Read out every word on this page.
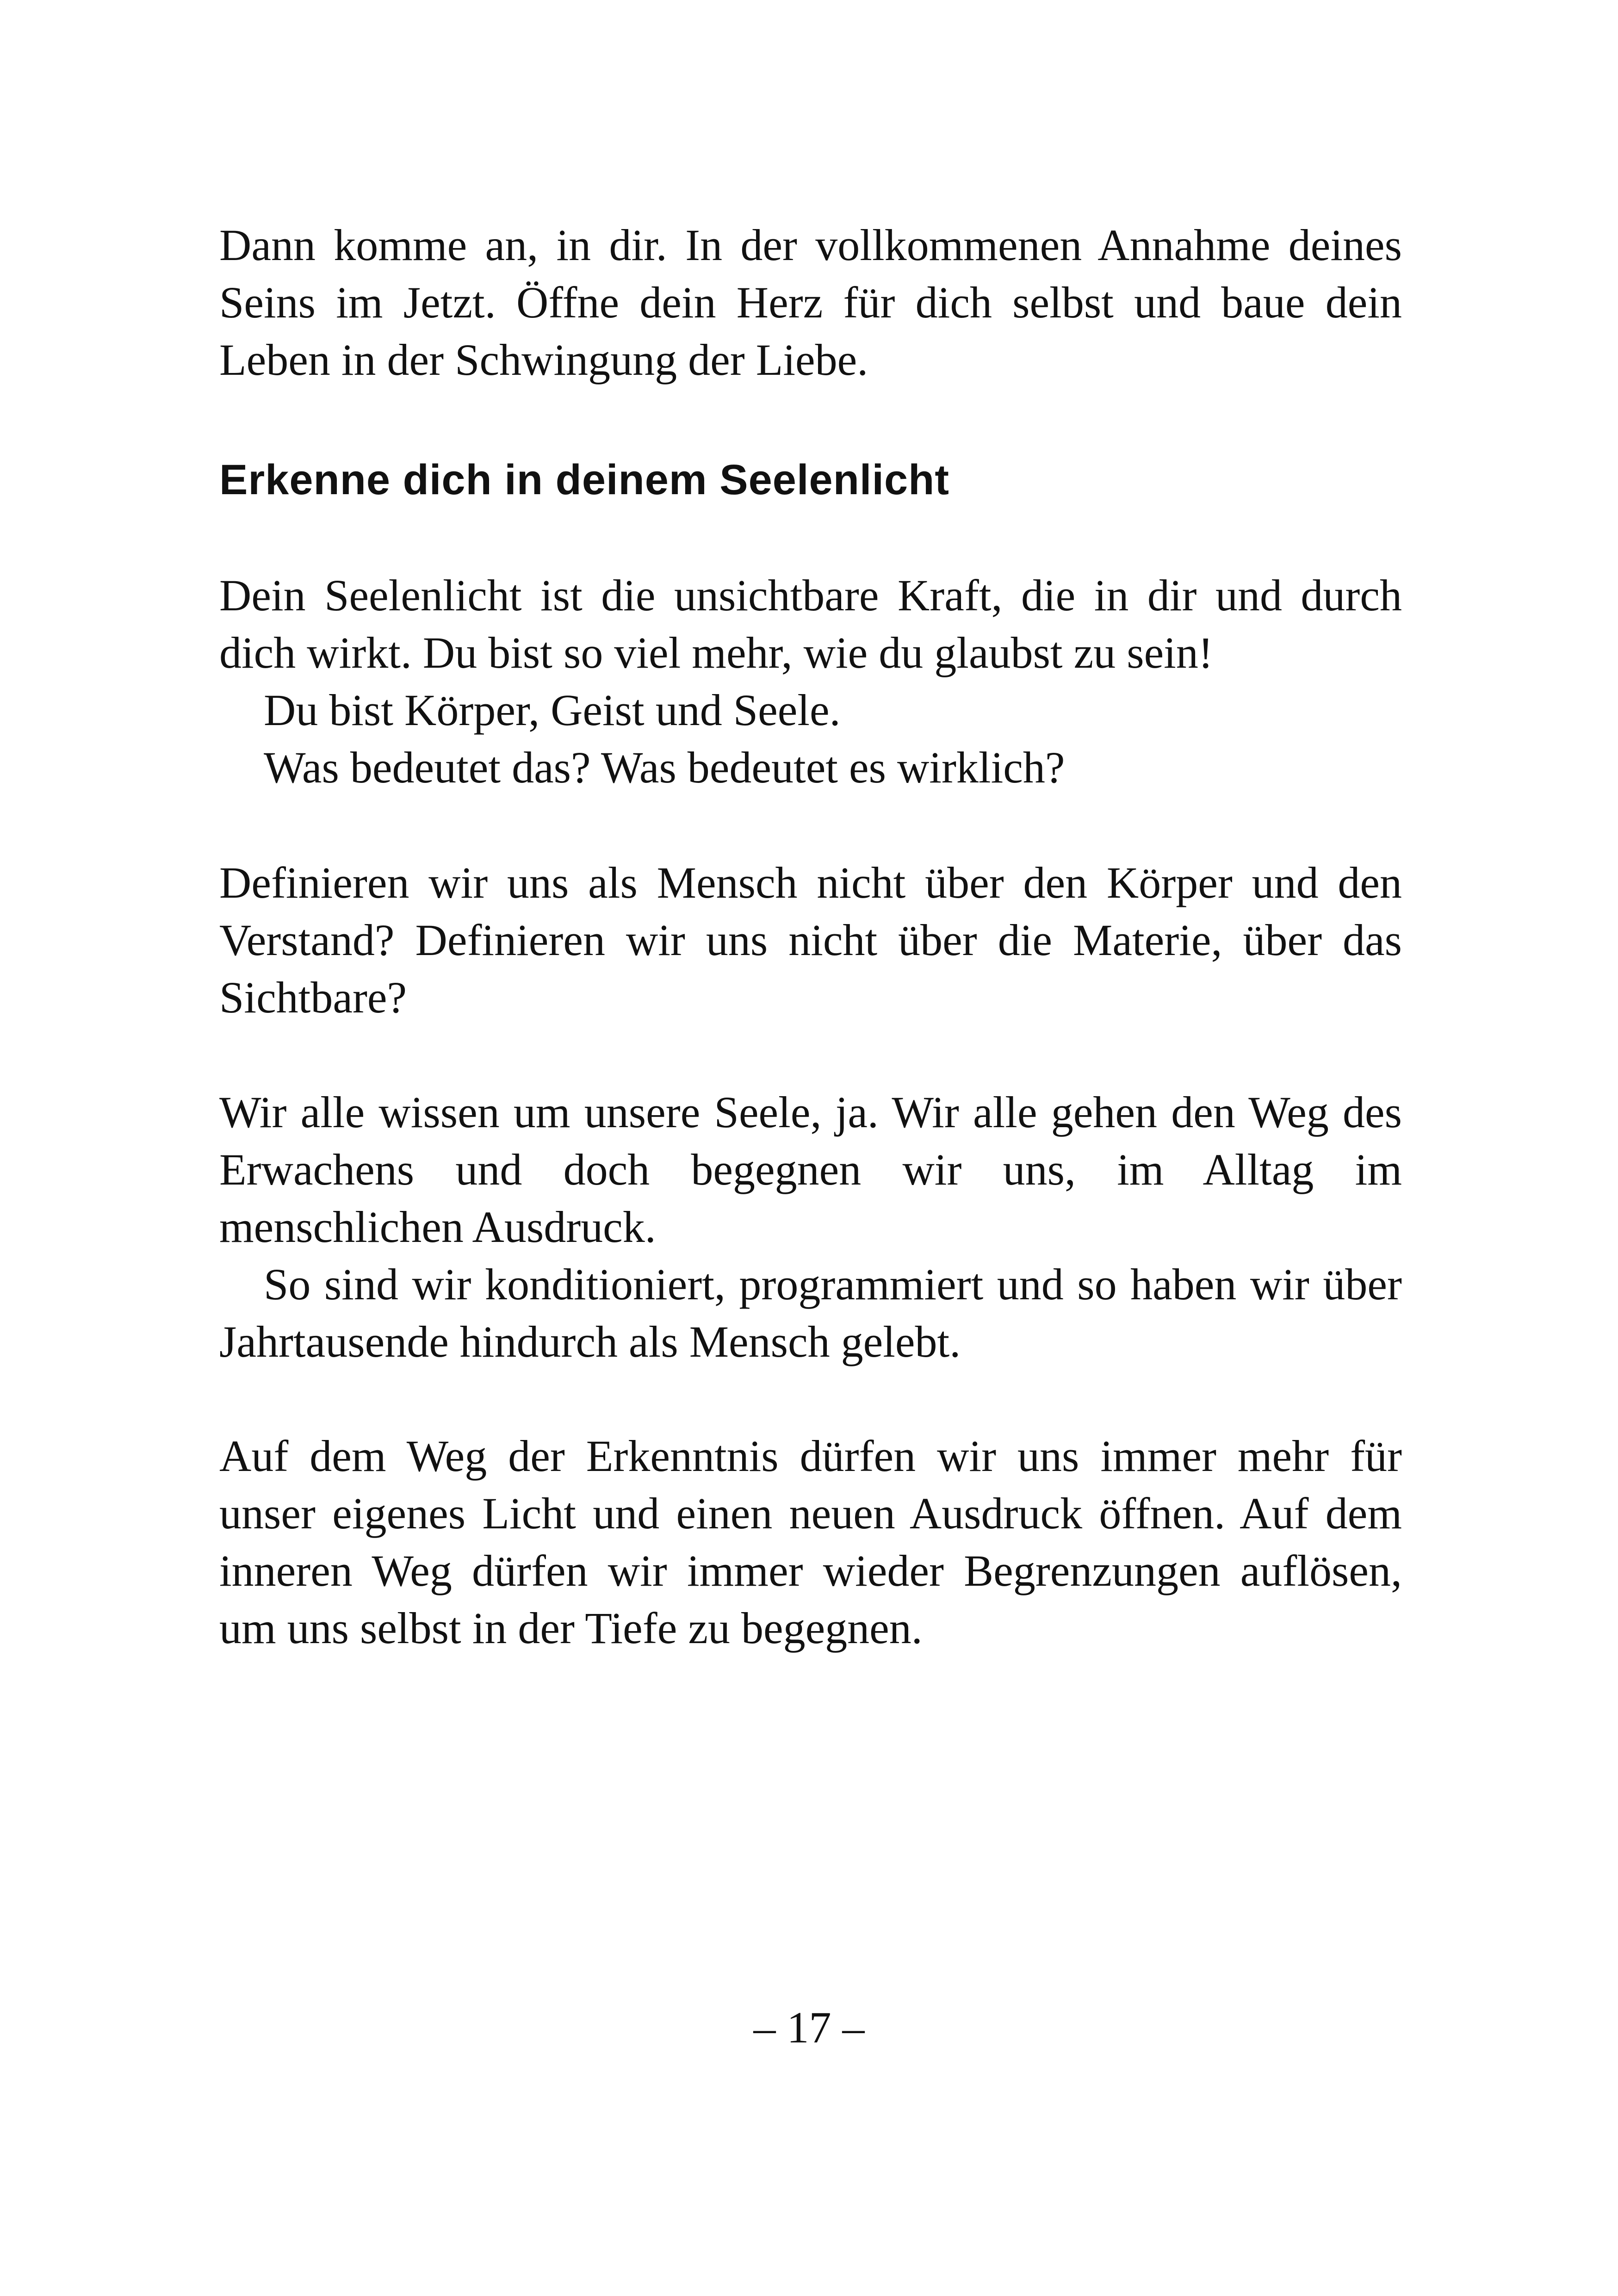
Dann komme an, in dir. In der vollkommenen Annahme deines Seins im Jetzt. Öffne dein Herz für dich selbst und baue dein Leben in der Schwingung der Liebe.

Erkenne dich in deinem Seelenlicht

Dein Seelenlicht ist die unsichtbare Kraft, die in dir und durch dich wirkt. Du bist so viel mehr, wie du glaubst zu sein!

Du bist Körper, Geist und Seele.

Was bedeutet das? Was bedeutet es wirklich?

Definieren wir uns als Mensch nicht über den Körper und den Verstand? Definieren wir uns nicht über die Materie, über das Sichtbare?

Wir alle wissen um unsere Seele, ja. Wir alle gehen den Weg des Erwachens und doch begegnen wir uns, im Alltag im menschlichen Ausdruck.

So sind wir konditioniert, programmiert und so haben wir über Jahrtausende hindurch als Mensch gelebt.

Auf dem Weg der Erkenntnis dürfen wir uns immer mehr für unser eigenes Licht und einen neuen Ausdruck öffnen. Auf dem inneren Weg dürfen wir immer wieder Begrenzungen auflösen, um uns selbst in der Tiefe zu begegnen.

– 17 –
